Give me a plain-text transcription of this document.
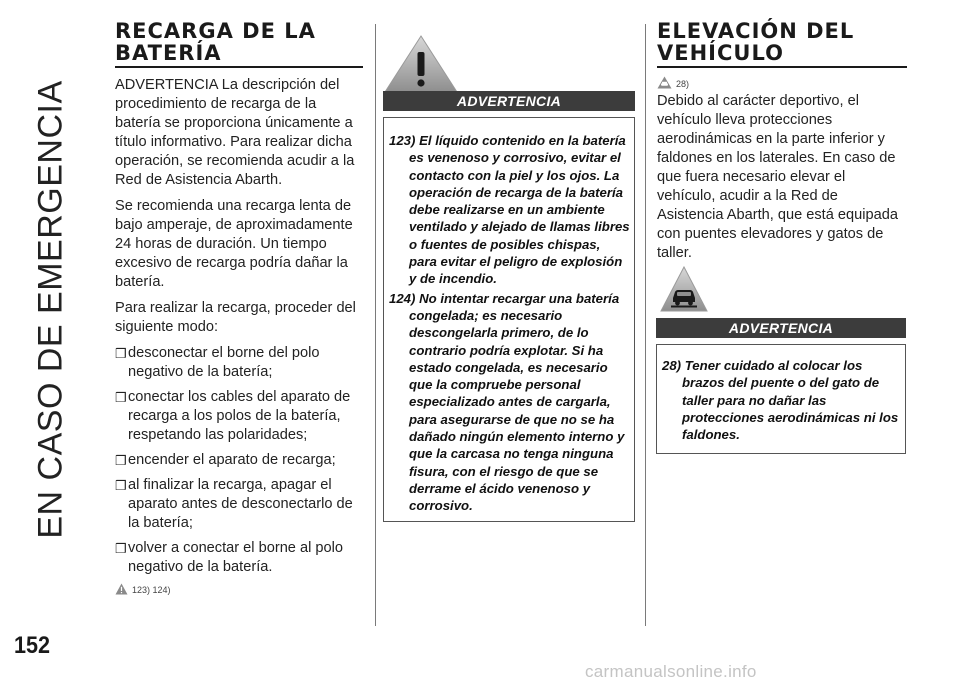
EN CASO DE EMERGENCIA
152
RECARGA DE LA
BATERÍA

ADVERTENCIA La descripción del procedimiento de recarga de la batería se proporciona únicamente a título informativo. Para realizar dicha operación, se recomienda acudir a la Red de Asistencia Abarth.

Se recomienda una recarga lenta de bajo amperaje, de aproximadamente 24 horas de duración. Un tiempo excesivo de recarga podría dañar la batería.

Para realizar la recarga, proceder del siguiente modo:

❒ desconectar el borne del polo negativo de la batería;
❒ conectar los cables del aparato de recarga a los polos de la batería, respetando las polaridades;
❒ encender el aparato de recarga;
❒ al finalizar la recarga, apagar el aparato antes de desconectarlo de la batería;
❒ volver a conectar el borne al polo negativo de la batería.
123) 124)
ADVERTENCIA
123) El líquido contenido en la batería es venenoso y corrosivo, evitar el contacto con la piel y los ojos. La operación de recarga de la batería debe realizarse en un ambiente ventilado y alejado de llamas libres o fuentes de posibles chispas, para evitar el peligro de explosión y de incendio.
124) No intentar recargar una batería congelada; es necesario descongelarla primero, de lo contrario podría explotar. Si ha estado congelada, es necesario que la compruebe personal especializado antes de cargarla, para asegurarse de que no se ha dañado ningún elemento interno y que la carcasa no tenga ninguna fisura, con el riesgo de que se derrame el ácido venenoso y corrosivo.
ELEVACIÓN DEL
VEHÍCULO
28)

Debido al carácter deportivo, el vehículo lleva protecciones aerodinámicas en la parte inferior y faldones en los laterales. En caso de que fuera necesario elevar el vehículo, acudir a la Red de Asistencia Abarth, que está equipada con puentes elevadores y gatos de taller.

ADVERTENCIA
28) Tener cuidado al colocar los brazos del puente o del gato de taller para no dañar las protecciones aerodinámicas ni los faldones.
carmanualsonline.info
